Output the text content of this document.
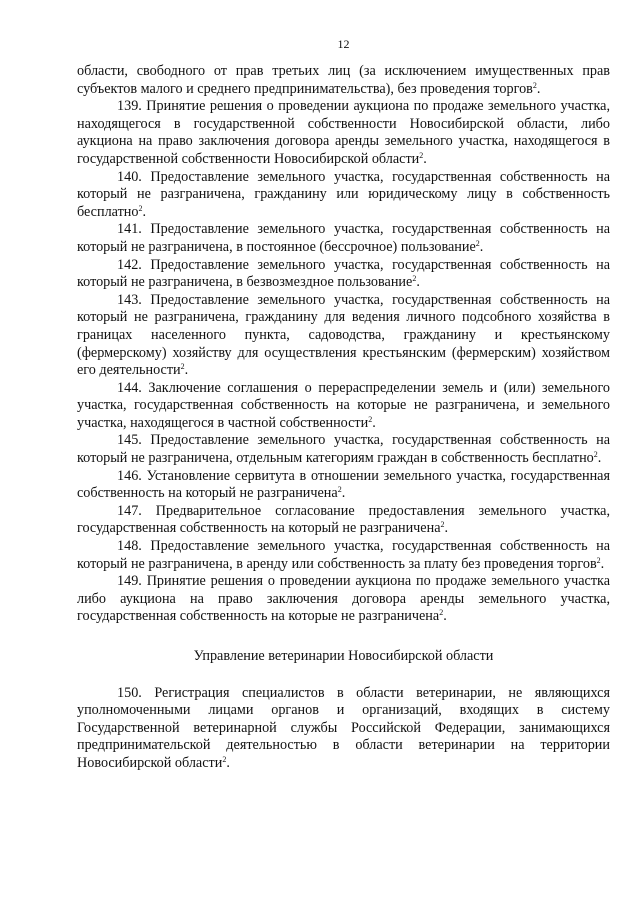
12

области, свободного от прав третьих лиц (за исключением имущественных прав субъектов малого и среднего предпринимательства), без проведения торгов$^2$.

139. Принятие решения о проведении аукциона по продаже земельного участка, находящегося в государственной собственности Новосибирской области, либо аукциона на право заключения договора аренды земельного участка, находящегося в государственной собственности Новосибирской области$^2$.

140. Предоставление земельного участка, государственная собственность на который не разграничена, гражданину или юридическому лицу в собственность бесплатно$^2$.

141. Предоставление земельного участка, государственная собственность на который не разграничена, в постоянное (бессрочное) пользование$^2$.

142. Предоставление земельного участка, государственная собственность на который не разграничена, в безвозмездное пользование$^2$.

143. Предоставление земельного участка, государственная собственность на который не разграничена, гражданину для ведения личного подсобного хозяйства в границах населенного пункта, садоводства, гражданину и крестьянскому (фермерскому) хозяйству для осуществления крестьянским (фермерским) хозяйством его деятельности$^2$.

144. Заключение соглашения о перераспределении земель и (или) земельного участка, государственная собственность на которые не разграничена, и земельного участка, находящегося в частной собственности$^2$.

145. Предоставление земельного участка, государственная собственность на который не разграничена, отдельным категориям граждан в собственность бесплатно$^2$.

146. Установление сервитута в отношении земельного участка, государственная собственность на который не разграничена$^2$.

147. Предварительное согласование предоставления земельного участка, государственная собственность на который не разграничена$^2$.

148. Предоставление земельного участка, государственная собственность на который не разграничена, в аренду или собственность за плату без проведения торгов$^2$.

149. Принятие решения о проведении аукциона по продаже земельного участка либо аукциона на право заключения договора аренды земельного участка, государственная собственность на которые не разграничена$^2$.

Управление ветеринарии Новосибирской области

150. Регистрация специалистов в области ветеринарии, не являющихся уполномоченными лицами органов и организаций, входящих в систему Государственной ветеринарной службы Российской Федерации, занимающихся предпринимательской деятельностью в области ветеринарии на территории Новосибирской области$^2$.
